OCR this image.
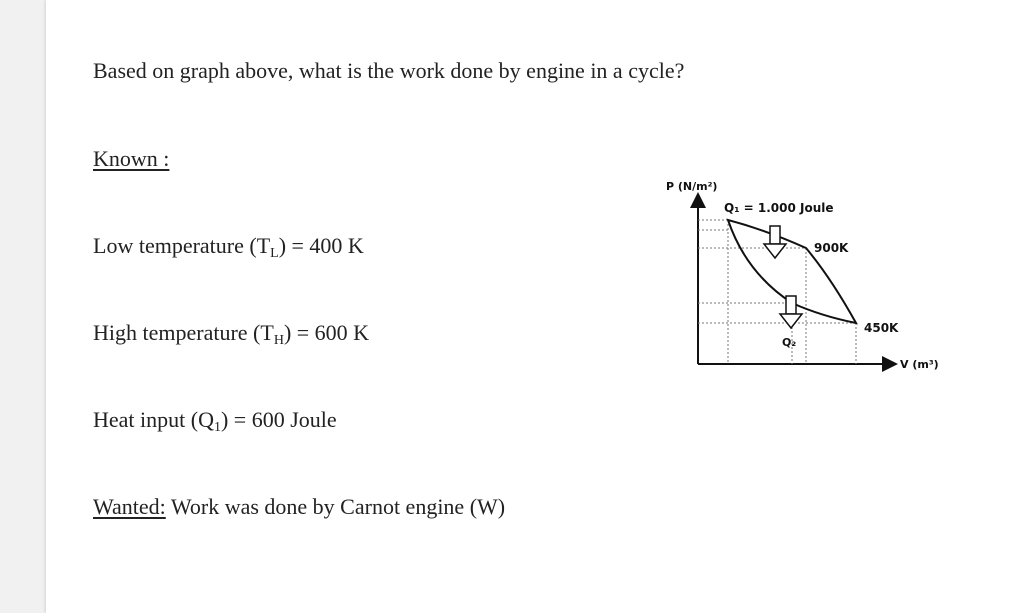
Based on graph above, what is the work done by engine in a cycle?
Known :
Low temperature $(T_L) = 400$ K
High temperature $(T_H) = 600$ K
Heat input $(Q_1) = 600$ Joule
Wanted: Work was done by Carnot engine (W)
P (N/m²)
V (m³)
Q₁ = 1.000 Joule
Q₂
900K
450K
